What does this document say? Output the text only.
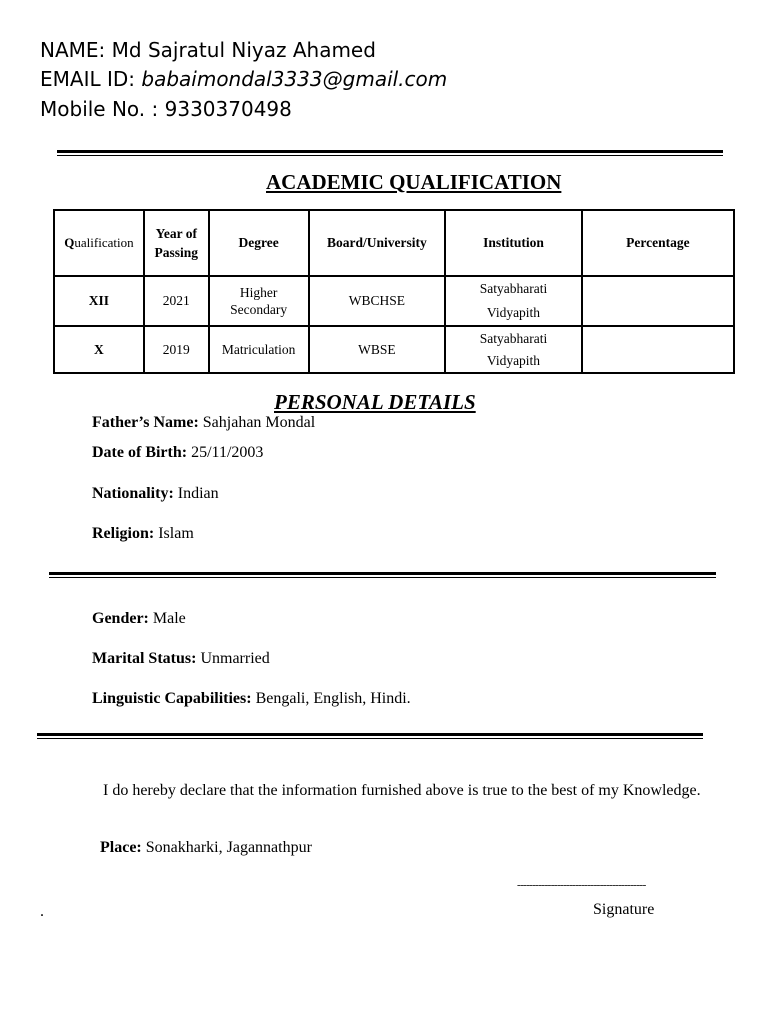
NAME: Md Sajratul Niyaz Ahamed
EMAIL ID: babaimondal3333@gmail.com
Mobile No. : 9330370498
ACADEMIC QUALIFICATION
Qualification	Year of Passing	Degree	Board/University	Institution	Percentage
XII	2021	Higher Secondary	WBCHSE	Satyabharati
Vidyapith	

X	2019	Matriculation	WBSE	Satyabharati
Vidyapith	

PERSONAL DETAILS
Father’s Name: Sahjahan Mondal
Date of Birth: 25/11/2003
Nationality: Indian
Religion: Islam
Gender: Male
Marital Status: Unmarried
Linguistic Capabilities: Bengali, English, Hindi.
I do hereby declare that the information furnished above is true to the best of my Knowledge.
Place: Sonakharki, Jagannathpur
------------------------------------------
.	Signature
